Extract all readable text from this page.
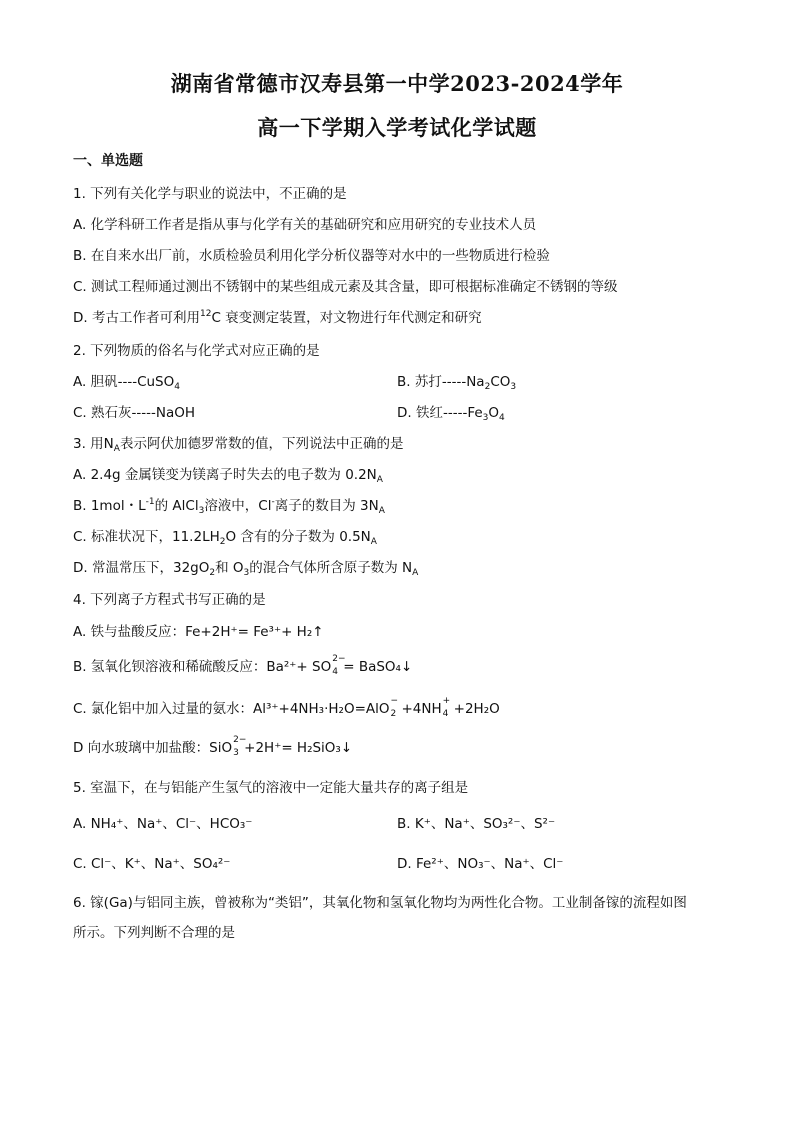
湖南省常德市汉寿县第一中学2023-2024学年
高一下学期入学考试化学试题
一、单选题
1. 下列有关化学与职业的说法中，不正确的是
A. 化学科研工作者是指从事与化学有关的基础研究和应用研究的专业技术人员
B. 在自来水出厂前，水质检验员利用化学分析仪器等对水中的一些物质进行检验
C. 测试工程师通过测出不锈钢中的某些组成元素及其含量，即可根据标准确定不锈钢的等级
D. 考古工作者可利用$^{12}$C 衰变测定装置，对文物进行年代测定和研究
2. 下列物质的俗名与化学式对应正确的是
A. 胆矾----CuSO$_4$	B. 苏打$-----Na_2CO_3$
C. 熟石灰-----NaOH	D. 铁红$-----Fe_3O_4$
3. 用$N_A$表示阿伏加德罗常数的值，下列说法中正确的是
A. 2.4g 金属镁变为镁离子时失去的电子数为 $0.2N_A$
B. 1mol・$L^{-1}$的 AlCl$_3$溶液中，Cl-离子的数目为 $3N_A$
C. 标准状况下，$11.2LH_2O$ 含有的分子数为 $0.5N_A$
D. 常温常压下，$32gO_2$和 $O_3$的混合气体所含原子数为 $N_A$
4. 下列离子方程式书写正确的是
A. 铁与盐酸反应：Fe+2H⁺= Fe³⁺+ H₂↑
B. 氢氧化钡溶液和稀硫酸反应：Ba²⁺+ SO 2−
4 = BaSO₄↓
C. 氯化铝中加入过量的氨水：Al³⁺+4NH₃·H₂O=AlO −
2 +4NH +
4 +2H₂O
D 向水玻璃中加盐酸：SiO 2−
3 +2H⁺= H₂SiO₃↓
5. 室温下，在与铝能产生氢气的溶液中一定能大量共存的离子组是
A. NH₄⁺、Na⁺、Cl⁻、HCO₃⁻	B. K⁺、Na⁺、SO₃²⁻、S²⁻
C. Cl⁻、K⁺、Na⁺、SO₄²⁻	D. Fe²⁺、NO₃⁻、Na⁺、Cl⁻
6. 镓(Ga)与铝同主族，曾被称为“类铝”，其氧化物和氢氧化物均为两性化合物。工业制备镓的流程如图
所示。下列判断不合理的是
